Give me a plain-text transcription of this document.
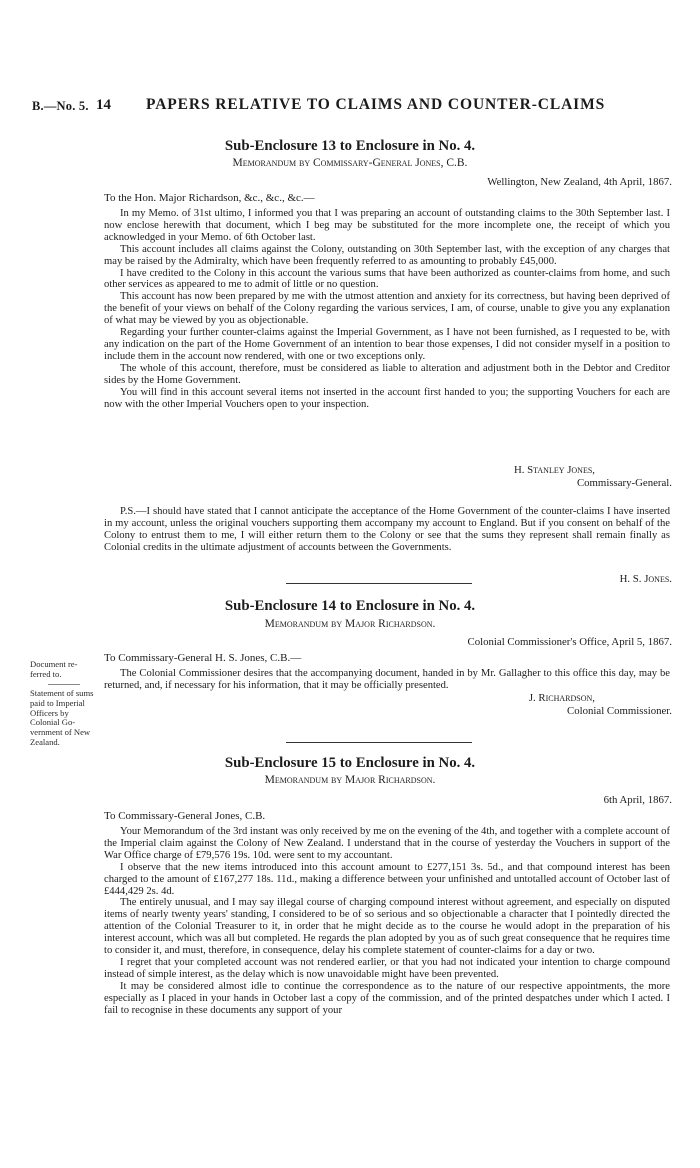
B.—No. 5. 14 PAPERS RELATIVE TO CLAIMS AND COUNTER-CLAIMS
Sub-Enclosure 13 to Enclosure in No. 4.
Memorandum by Commissary-General Jones, C.B.
Wellington, New Zealand, 4th April, 1867.
To the Hon. Major Richardson, &c., &c., &c.—

In my Memo. of 31st ultimo, I informed you that I was preparing an account of outstanding claims to the 30th September last. I now enclose herewith that document, which I beg may be substituted for the more incomplete one, the receipt of which you acknowledged in your Memo. of 6th October last.

This account includes all claims against the Colony, outstanding on 30th September last, with the exception of any charges that may be raised by the Admiralty, which have been frequently referred to as amounting to probably £45,000.

I have credited to the Colony in this account the various sums that have been authorized as counter-claims from home, and such other services as appeared to me to admit of little or no question.

This account has now been prepared by me with the utmost attention and anxiety for its correctness, but having been deprived of the benefit of your views on behalf of the Colony regarding the various services, I am, of course, unable to give you any explanation of what may be viewed by you as objectionable.

Regarding your further counter-claims against the Imperial Government, as I have not been furnished, as I requested to be, with any indication on the part of the Home Government of an intention to bear those expenses, I did not consider myself in a position to include them in the account now rendered, with one or two exceptions only.

The whole of this account, therefore, must be considered as liable to alteration and adjustment both in the Debtor and Creditor sides by the Home Government.

You will find in this account several items not inserted in the account first handed to you; the supporting Vouchers for each are now with the other Imperial Vouchers open to your inspection.

H. Stanley Jones,
Commissary-General.

P.S.—I should have stated that I cannot anticipate the acceptance of the Home Government of the counter-claims I have inserted in my account, unless the original vouchers supporting them accompany my account to England. But if you consent on behalf of the Colony to entrust them to me, I will either return them to the Colony or see that the sums they represent shall remain finally as Colonial credits in the ultimate adjustment of accounts between the Governments.

H. S. Jones.
Sub-Enclosure 14 to Enclosure in No. 4.
Memorandum by Major Richardson.
Colonial Commissioner's Office, April 5, 1867.
To Commissary-General H. S. Jones, C.B.—

The Colonial Commissioner desires that the accompanying document, handed in by Mr. Gallagher to this office this day, may be returned, and, if necessary for his information, that it may be officially presented.

J. Richardson,
Colonial Commissioner.

Document re-ferred to.

Statement of sums paid to Imperial Officers by Colonial Go-vernment of New Zealand.

Sub-Enclosure 15 to Enclosure in No. 4.
Memorandum by Major Richardson.
6th April, 1867.
To Commissary-General Jones, C.B.

Your Memorandum of the 3rd instant was only received by me on the evening of the 4th, and together with a complete account of the Imperial claim against the Colony of New Zealand. I understand that in the course of yesterday the Vouchers in support of the War Office charge of £79,576 19s. 10d. were sent to my accountant.

I observe that the new items introduced into this account amount to £277,151 3s. 5d., and that compound interest has been charged to the amount of £167,277 18s. 11d., making a difference between your unfinished and untotalled account of October last of £444,429 2s. 4d.

The entirely unusual, and I may say illegal course of charging compound interest without agreement, and especially on disputed items of nearly twenty years' standing, I considered to be of so serious and so objectionable a character that I pointedly directed the attention of the Colonial Treasurer to it, in order that he might decide as to the course he would adopt in the preparation of his interest account, which was all but completed. He regards the plan adopted by you as of such great consequence that he requires time to consider it, and must, therefore, in consequence, delay his complete statement of counter-claims for a day or two.

I regret that your completed account was not rendered earlier, or that you had not indicated your intention to charge compound instead of simple interest, as the delay which is now unavoidable might have been prevented.

It may be considered almost idle to continue the correspondence as to the nature of our respective appointments, the more especially as I placed in your hands in October last a copy of the commission, and of the printed despatches under which I acted. I fail to recognise in these documents any support of your
